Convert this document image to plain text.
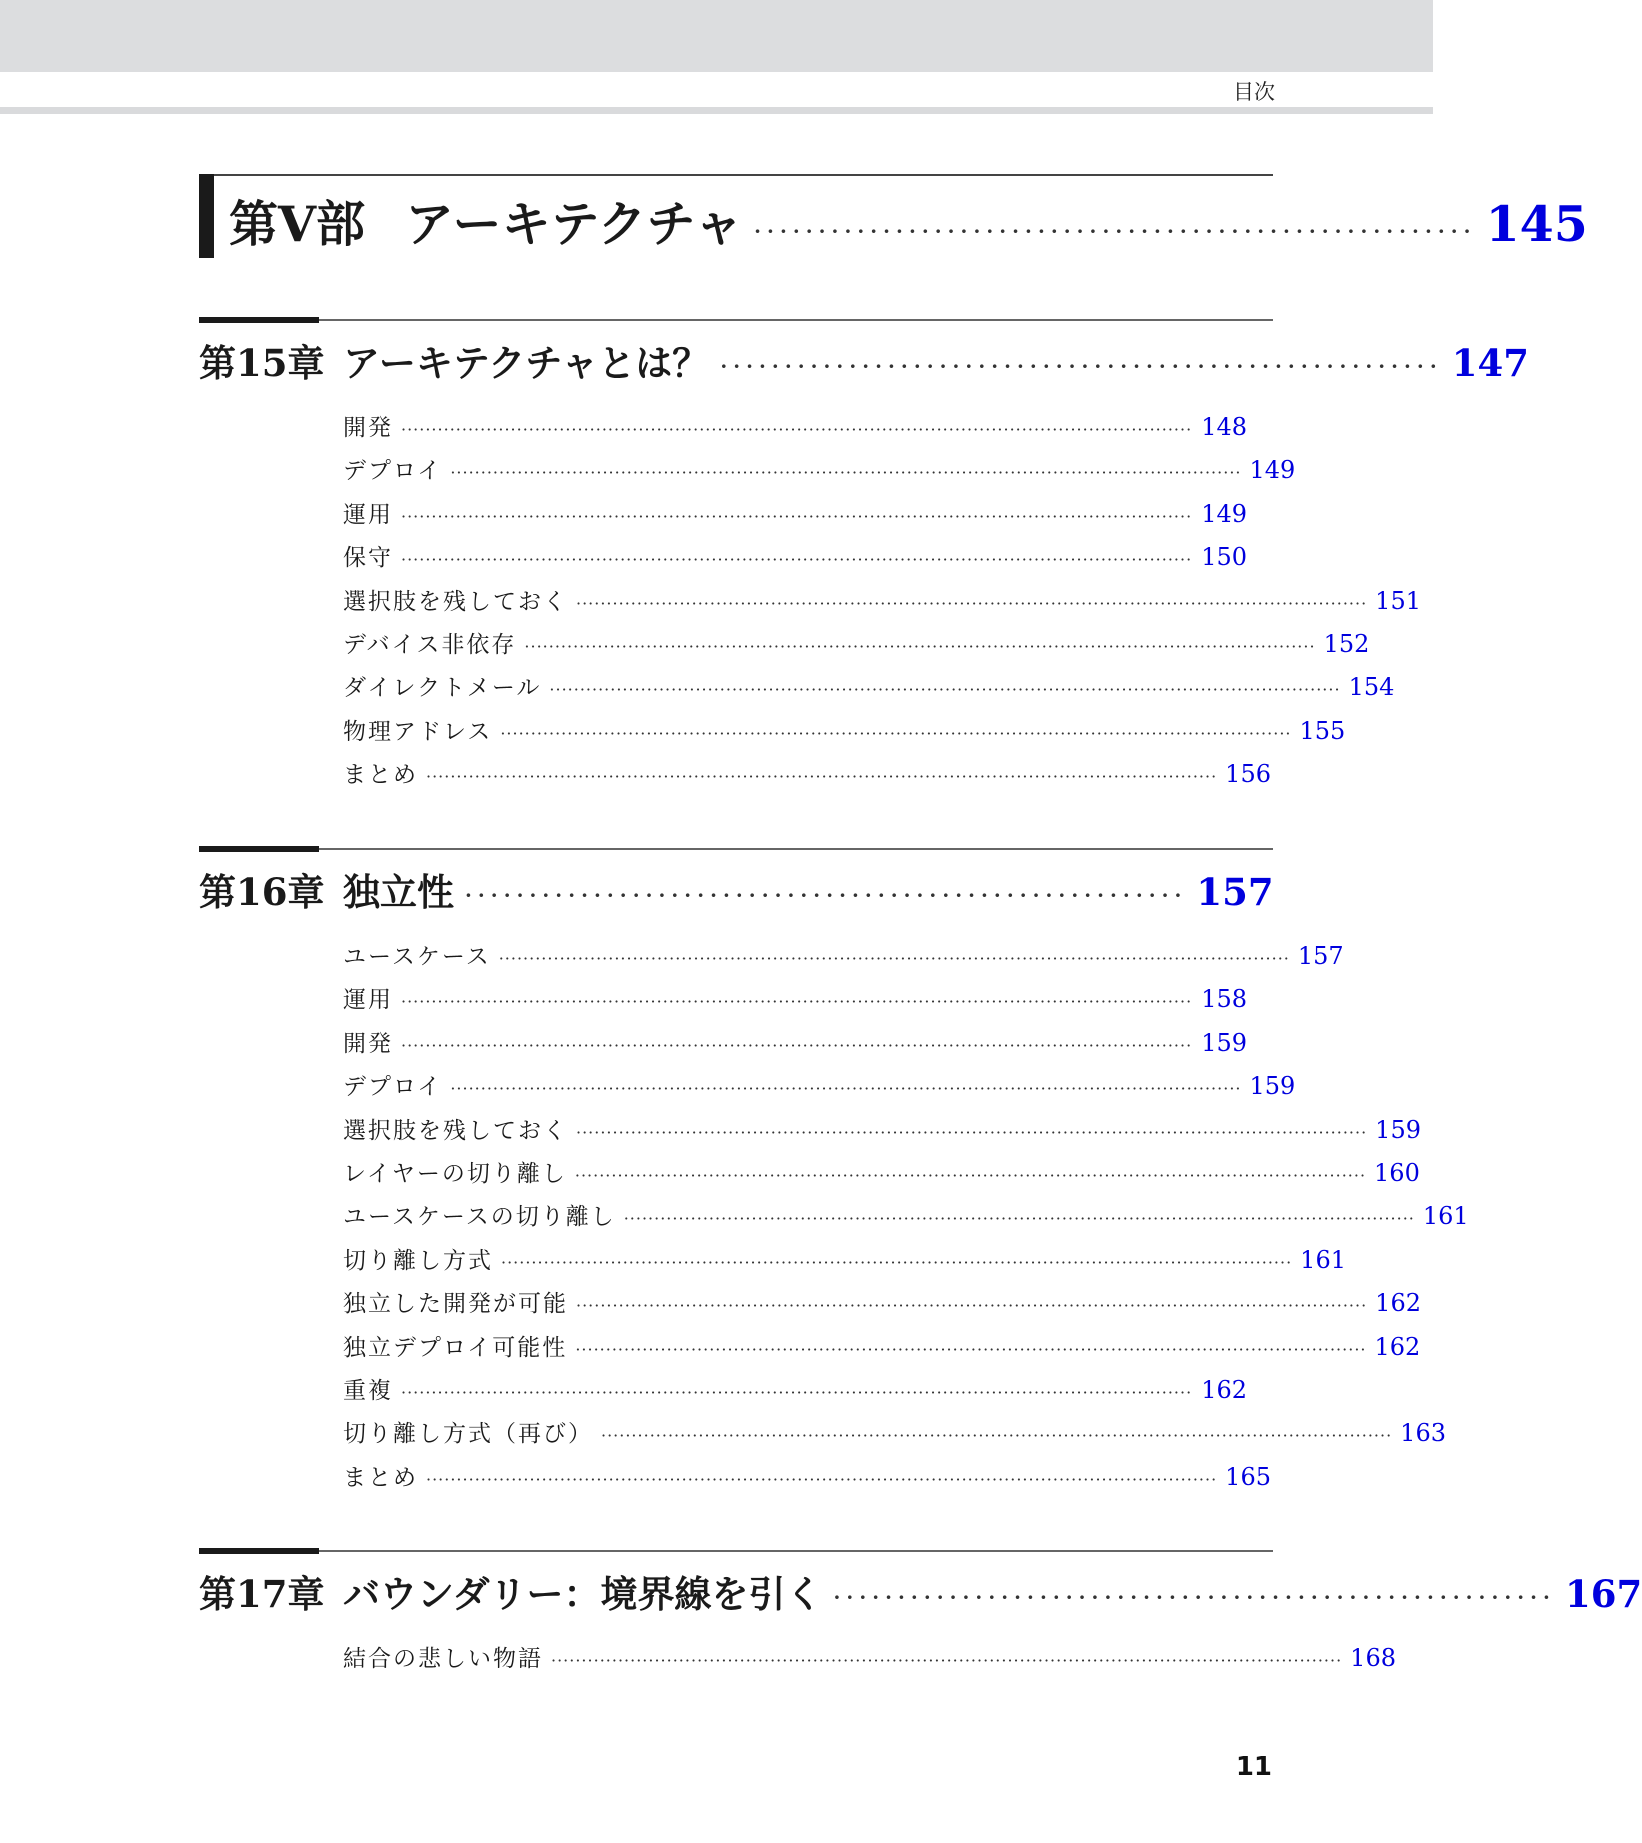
目次
第V部 アーキテクチャ ························································ 145
第15章 アーキテクチャとは？ ························································ 147
開発 ·································································································································· 148
デプロイ ·································································································································· 149
運用 ·································································································································· 149
保守 ·································································································································· 150
選択肢を残しておく ·································································································································· 151
デバイス非依存 ·································································································································· 152
ダイレクトメール ·································································································································· 154
物理アドレス ·································································································································· 155
まとめ ·································································································································· 156
第16章 独立性 ························································ 157
ユースケース ·································································································································· 157
運用 ·································································································································· 158
開発 ·································································································································· 159
デプロイ ·································································································································· 159
選択肢を残しておく ·································································································································· 159
レイヤーの切り離し ·································································································································· 160
ユースケースの切り離し ·································································································································· 161
切り離し方式 ·································································································································· 161
独立した開発が可能 ·································································································································· 162
独立デプロイ可能性 ·································································································································· 162
重複 ·································································································································· 162
切り離し方式（再び） ·································································································································· 163
まとめ ·································································································································· 165
第17章 バウンダリー：境界線を引く ························································ 167
結合の悲しい物語 ·································································································································· 168
11
